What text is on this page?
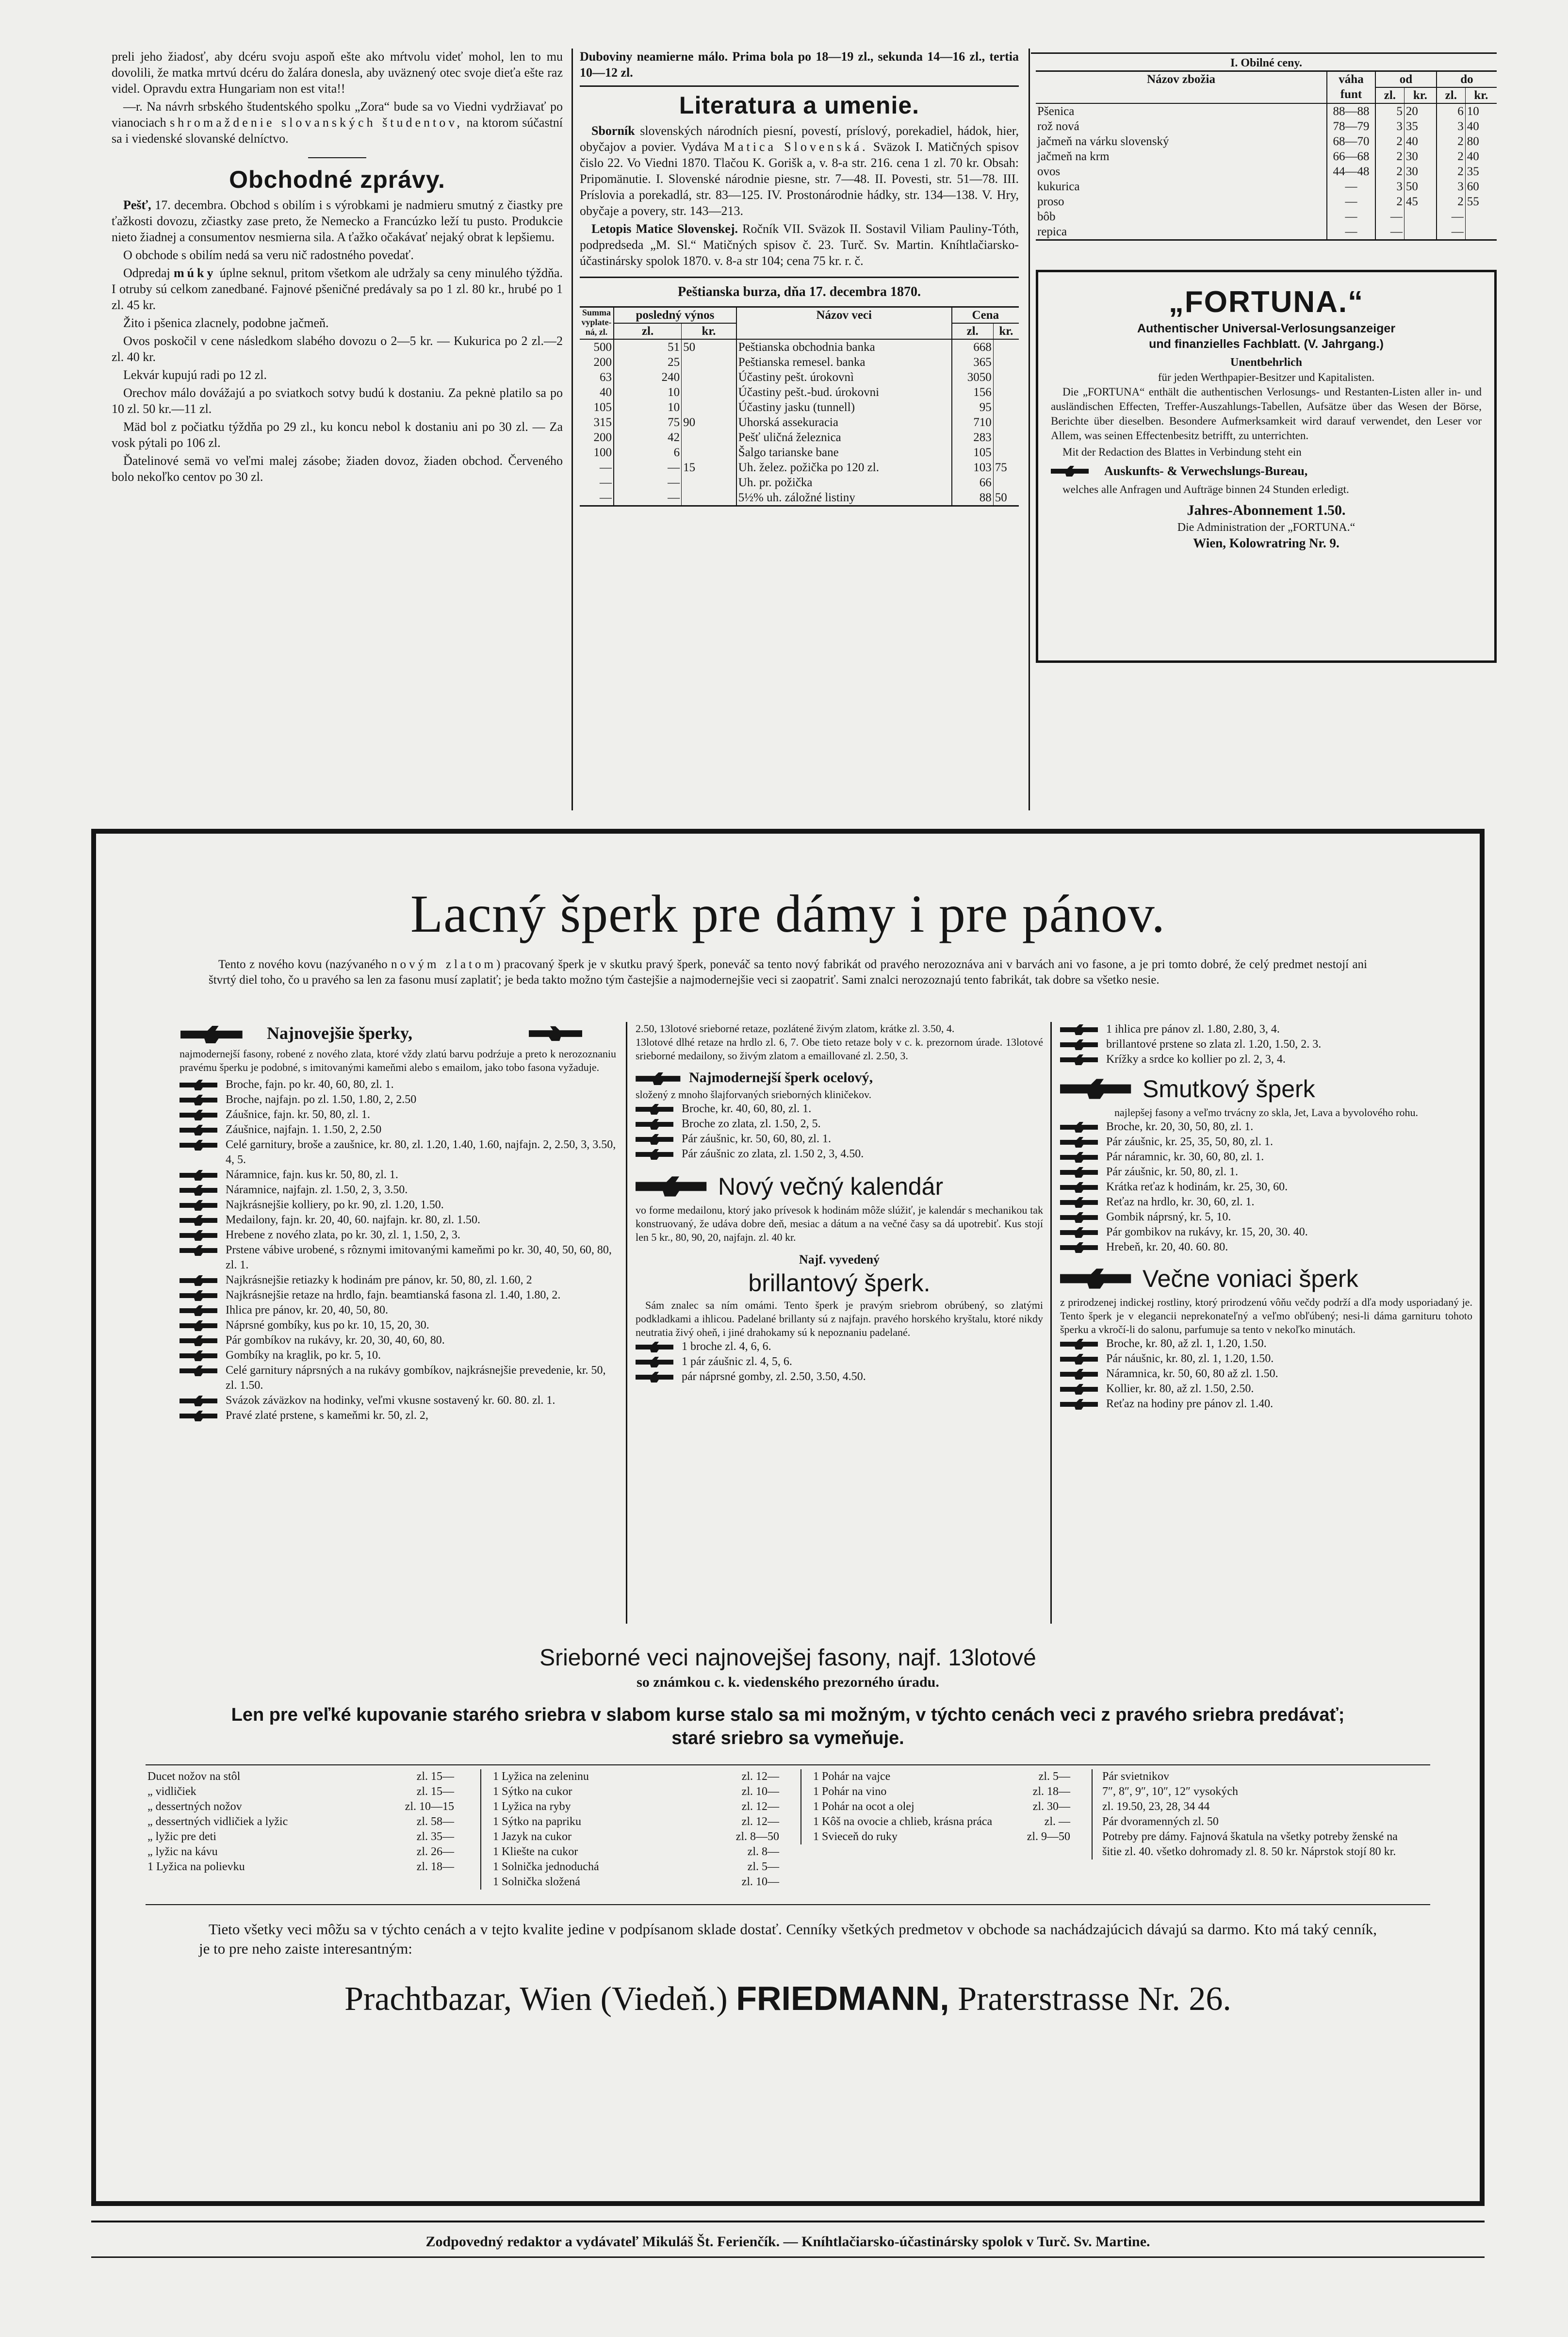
preli jeho žiadosť, aby dcéru svoju aspoň ešte ako mŕtvolu videť mohol, len to mu dovolili, že matka mrtvú dcéru do žalára donesla, aby uväznený otec svoje dieťa ešte raz videl. Opravdu extra Hungariam non est vita!!

—r. Na návrh srbského študentského spolku „Zora“ bude sa vo Viedni vydržiavať po vianociach shromaždenie slovanských študentov, na ktorom súčastní sa i viedenské slovanské delníctvo.

Obchodné zprávy.

Pešť, 17. decembra. Obchod s obilím i s výrobkami je nadmieru smutný z čiastky pre ťažkosti dovozu, zčiastky zase preto, že Nemecko a Francúzko leží tu pusto. Produkcie nieto žiadnej a consumentov nesmierna sila. A ťažko očakávať nejaký obrat k lepšiemu.

O obchode s obilím nedá sa veru nič radostného povedať.

Odpredaj múky úplne seknul, pritom všetkom ale udržaly sa ceny minulého týždňa. I otruby sú celkom zanedbané. Fajnové pšeničné predávaly sa po 1 zl. 80 kr., hrubé po 1 zl. 45 kr.

Žito i pšenica zlacnely, podobne jačmeň.

Ovos poskočil v cene následkom slabého dovozu o 2—5 kr. — Kukurica po 2 zl.—2 zl. 40 kr.

Lekvár kupujú radi po 12 zl.

Orechov málo dovážajú a po sviatkoch sotvy budú k dostaniu. Za peknė platilo sa po 10 zl. 50 kr.—11 zl.

Mäd bol z počiatku týždňa po 29 zl., ku koncu nebol k dostaniu ani po 30 zl. — Za vosk pýtali po 106 zl.

Ďatelinové semä vo veľmi malej zásobe; žiaden dovoz, žiaden obchod. Červeného bolo nekoľko centov po 30 zl.

Duboviny neamierne málo. Prima bola po 18—19 zl., sekunda 14—16 zl., tertia 10—12 zl.

Literatura a umenie.

Sborník slovenských národních piesní, povestí, príslový, porekadiel, hádok, hier, obyčajov a povier. Vydáva Matica Slovenská. Sväzok I. Matičných spisov čislo 22. Vo Viedni 1870. Tlačou K. Gorišk a, v. 8-a str. 216. cena 1 zl. 70 kr. Obsah: Pripomänutie. I. Slovenské národnie piesne, str. 7—48. II. Povesti, str. 51—78. III. Príslovia a porekadlá, str. 83—125. IV. Prostonárodnie hádky, str. 134—138. V. Hry, obyčaje a povery, str. 143—213.

Letopis Matice Slovenskej. Ročník VII. Sväzok II. Sostavil Viliam Pauliny-Tóth, podpredseda „M. Sl.“ Matičných spisov č. 23. Turč. Sv. Martin. Kníhtlačiarsko-účastinársky spolok 1870. v. 8-a str 104; cena 75 kr. r. č.

Peštianska burza, dňa 17. decembra 1870.
Summa vyplate-ná, zl.	posledný výnos		Názov veci	Cena	
	zl.	kr.		zl.	kr.
500	51	50	Peštianska obchodnia banka	668	
200	25		Peštianska remesel. banka	365	
63	240		Účastiny pešt. úrokovnì	3050	
40	10		Účastiny pešt.-bud. úrokovni	156	
105	10		Účastiny jasku (tunnell)	95	
315	75	90	Uhorská assekuracia	710	
200	42		Pešť uličná železnica	283	
100	6		Šalgo tarianske bane	105	
—	—	15	Uh. želez. požička po 120 zl.	103	75
—	—		Uh. pr. požička	66	
—	—		5½% uh. záložné listiny	88	50
I. Obilné ceny.
Názov zbožia	váha funt	od		do	
		zl.	kr.	zl.	kr.
Pšenica	88—88	5	20	6	10
rož nová	78—79	3	35	3	40
jačmeň na várku slovenský	68—70	2	40	2	80
jačmeň na krm	66—68	2	30	2	40
ovos	44—48	2	30	2	35
kukurica	—	3	50	3	60
proso	—	2	45	2	55
bôb	—	—		—	
repica	—	—		—	
„FORTUNA.“
Authentischer Universal-Verlosungsanzeiger
und finanzielles Fachblatt. (V. Jahrgang.)
Unentbehrlich
für jeden Werthpapier-Besitzer und Kapitalisten.

Die „FORTUNA“ enthält die authentischen Verlosungs- und Restanten-Listen aller in- und ausländischen Effecten, Treffer-Auszahlungs-Tabellen, Aufsätze über das Wesen der Börse, Berichte über dieselben. Besondere Aufmerksamkeit wird darauf verwendet, den Leser vor Allem, was seinen Effectenbesitz betrifft, zu unterrichten.

Mit der Redaction des Blattes in Verbindung steht ein

Auskunfts- & Verwechslungs-Bureau,

welches alle Anfragen und Aufträge binnen 24 Stunden erledigt.

Jahres-Abonnement 1.50.
Die Administration der „FORTUNA.“
Wien, Kolowratring Nr. 9.
Lacný šperk pre dámy i pre pánov.

Tento z nového kovu (nazývaného novým zlatom) pracovaný šperk je v skutku pravý šperk, poneváč sa tento nový fabrikát od pravého nerozoznáva ani v barvách ani vo fasone, a je pri tomto dobré, že celý predmet nestojí ani štvrtý diel toho, čo u pravého sa len za fasonu musí zaplatiť; je beda takto možno tým častejšie a najmodernejšie veci si zaopatriť. Sami znalci nerozoznajú tento fabrikát, tak dobre sa všetko nesie.

Najnovejšie šperky,

najmodernejší fasony, robené z nového zlata, ktoré vždy zlatú barvu podrźuje a preto k nerozoznaniu pravému šperku je podobné, s imitovanými kameňmi alebo s emailom, jako tobo fasona vyžaduje.

Broche, fajn. po kr. 40, 60, 80, zl. 1.
Broche, najfajn. po zl. 1.50, 1.80, 2, 2.50
Záušnice, fajn. kr. 50, 80, zl. 1.
Záušnice, najfajn. 1. 1.50, 2, 2.50
Celé garnitury, broše a zaušnice, kr. 80, zl. 1.20, 1.40, 1.60, najfajn. 2, 2.50, 3, 3.50, 4, 5.
Náramnice, fajn. kus kr. 50, 80, zl. 1.
Náramnice, najfajn. zl. 1.50, 2, 3, 3.50.
Najkrásnejšie kolliery, po kr. 90, zl. 1.20, 1.50.
Medailony, fajn. kr. 20, 40, 60. najfajn. kr. 80, zl. 1.50.
Hrebene z nového zlata, po kr. 30, zl. 1, 1.50, 2, 3.
Prstene vábive urobené, s rôznymi imitovanými kameňmi po kr. 30, 40, 50, 60, 80, zl. 1.
Najkrásnejšie retiazky k hodinám pre pánov, kr. 50, 80, zl. 1.60, 2
Najkrásnejšie retaze na hrdlo, fajn. beamtianská fasona zl. 1.40, 1.80, 2.
Ihlica pre pánov, kr. 20, 40, 50, 80.
Náprsné gombíky, kus po kr. 10, 15, 20, 30.
Pár gombíkov na rukávy, kr. 20, 30, 40, 60, 80.
Gombíky na kraglik, po kr. 5, 10.
Celé garnitury náprsných a na rukávy gombíkov, najkrásnejšie prevedenie, kr. 50, zl. 1.50.
Svázok záväzkov na hodinky, veľmi vkusne sostavený kr. 60. 80. zl. 1.
Pravé zlaté prstene, s kameňmi kr. 50, zl. 2,

2.50, 13lotové srieborné retaze, pozlátené živým zlatom, krátke zl. 3.50, 4.

13lotové dlhé retaze na hrdlo zl. 6, 7. Obe tieto retaze boly v c. k. prezornom úrade. 13lotové srieborné medailony, so živým zlatom a emaillované zl. 2.50, 3.

Najmodernejší šperk ocelový,

složený z mnoho šlajforvaných srieborných kliničekov.

Broche, kr. 40, 60, 80, zl. 1.
Broche zo zlata, zl. 1.50, 2, 5.
Pár záušnic, kr. 50, 60, 80, zl. 1.
Pár záušnic zo zlata, zl. 1.50 2, 3, 4.50.
Nový večný kalendár

vo forme medailonu, ktorý jako prívesok k hodinám môže slúžiť, je kalendár s mechanikou tak konstruovaný, že udáva dobre deň, mesiac a dátum a na večné časy sa dá upotrebiť. Kus stojí len 5 kr., 80, 90, 20, najfajn. zl. 40 kr.

Najf. vyvedený
brillantový šperk.

Sám znalec sa ním omámi. Tento šperk je pravým sriebrom obrúbený, so zlatými podkladkami a ihlicou. Padelané brillanty sú z najfajn. pravého horského kryštalu, ktoré nikdy neutratia živý oheň, i jiné drahokamy sú k nepoznaniu padelané.

1 broche zl. 4, 6, 6.
1 pár záušnic zl. 4, 5, 6.
pár náprsné gomby, zl. 2.50, 3.50, 4.50.
1 ihlica pre pánov zl. 1.80, 2.80, 3, 4.
brillantové prstene so zlata zl. 1.20, 1.50, 2. 3.
Krížky a srdce ko kollier po zl. 2, 3, 4.
Smutkový šperk

najlepšej fasony a veľmo trvácny zo skla, Jet, Lava a byvolového rohu.

Broche, kr. 20, 30, 50, 80, zl. 1.
Pár záušnic, kr. 25, 35, 50, 80, zl. 1.
Pár náramnic, kr. 30, 60, 80, zl. 1.
Pár záušnic, kr. 50, 80, zl. 1.
Krátka reťaz k hodinám, kr. 25, 30, 60.
Reťaz na hrdlo, kr. 30, 60, zl. 1.
Gombik náprsný, kr. 5, 10.
Pár gombikov na rukávy, kr. 15, 20, 30. 40.
Hrebeň, kr. 20, 40. 60. 80.
Večne voniaci šperk

z prirodzenej indickej rostliny, ktorý prirodzenú vôňu večdy podrží a dľa mody usporiadaný je. Tento šperk je v elegancii neprekonateľný a veľmo obľúbený; nesi-li dáma garnituru tohoto šperku a vkročí-li do salonu, parfumuje sa tento v nekoľko minutách.

Broche, kr. 80, až zl. 1, 1.20, 1.50.
Pár náušnic, kr. 80, zl. 1, 1.20, 1.50.
Náramnica, kr. 50, 60, 80 až zl. 1.50.
Kollier, kr. 80, až zl. 1.50, 2.50.
Reťaz na hodiny pre pánov zl. 1.40.
Srieborné veci najnovejšej fasony, najf. 13lotové
so známkou c. k. viedenského prezorného úradu.
Len pre veľké kupovanie starého sriebra v slabom kurse stalo sa mi možným, v týchto cenách veci z pravého sriebra predávať; staré sriebro sa vymeňuje.
Ducet nožov na stôl	zl. 15—
„ vidličiek	zl. 15—
„ dessertných nožov	zl. 10—15
„ dessertných vidličiek a lyžic	zl. 58—
„ lyžic pre deti	zl. 35—
„ lyžic na kávu	zl. 26—
1 Lyžica na polievku	zl. 18—
1 Lyžica na zeleninu	zl. 12—
1 Sýtko na cukor	zl. 10—
1 Lyžica na ryby	zl. 12—
1 Sýtko na papriku	zl. 12—
1 Jazyk na cukor	zl. 8—50
1 Kliešte na cukor	zl. 8—
1 Solnička jednoduchá	zl. 5—
1 Solnička složená	zl. 10—
1 Pohár na vajce	zl. 5—
1 Pohár na vino	zl. 18—
1 Pohár na ocot a olej	zl. 30—
1 Kôš na ovocie a chlieb, krásna práca	zl. —
1 Svieceň do ruky	zl. 9—50
Pár svietnikov
7″, 8″, 9″, 10″, 12″ vysokých
zl. 19.50, 23, 28, 34 44
Pár dvoramenných zl. 50
Potreby pre dámy. Fajnová škatula na všetky potreby ženské na šitie zl. 40. všetko dohromady zl. 8. 50 kr. Náprstok stojí 80 kr.

Tieto všetky veci môžu sa v týchto cenách a v tejto kvalite jedine v podpísanom sklade dostať. Cenníky všetkých predmetov v obchode sa nachádzajúcich dávajú sa darmo. Kto má taký cenník, je to pre neho zaiste interesantným:

Prachtbazar, Wien (Viedeň.) FRIEDMANN, Praterstrasse Nr. 26.
Zodpovedný redaktor a vydávateľ Mikuláš Št. Ferienčík. — Kníhtlačiarsko-účastinársky spolok v Turč. Sv. Martine.
